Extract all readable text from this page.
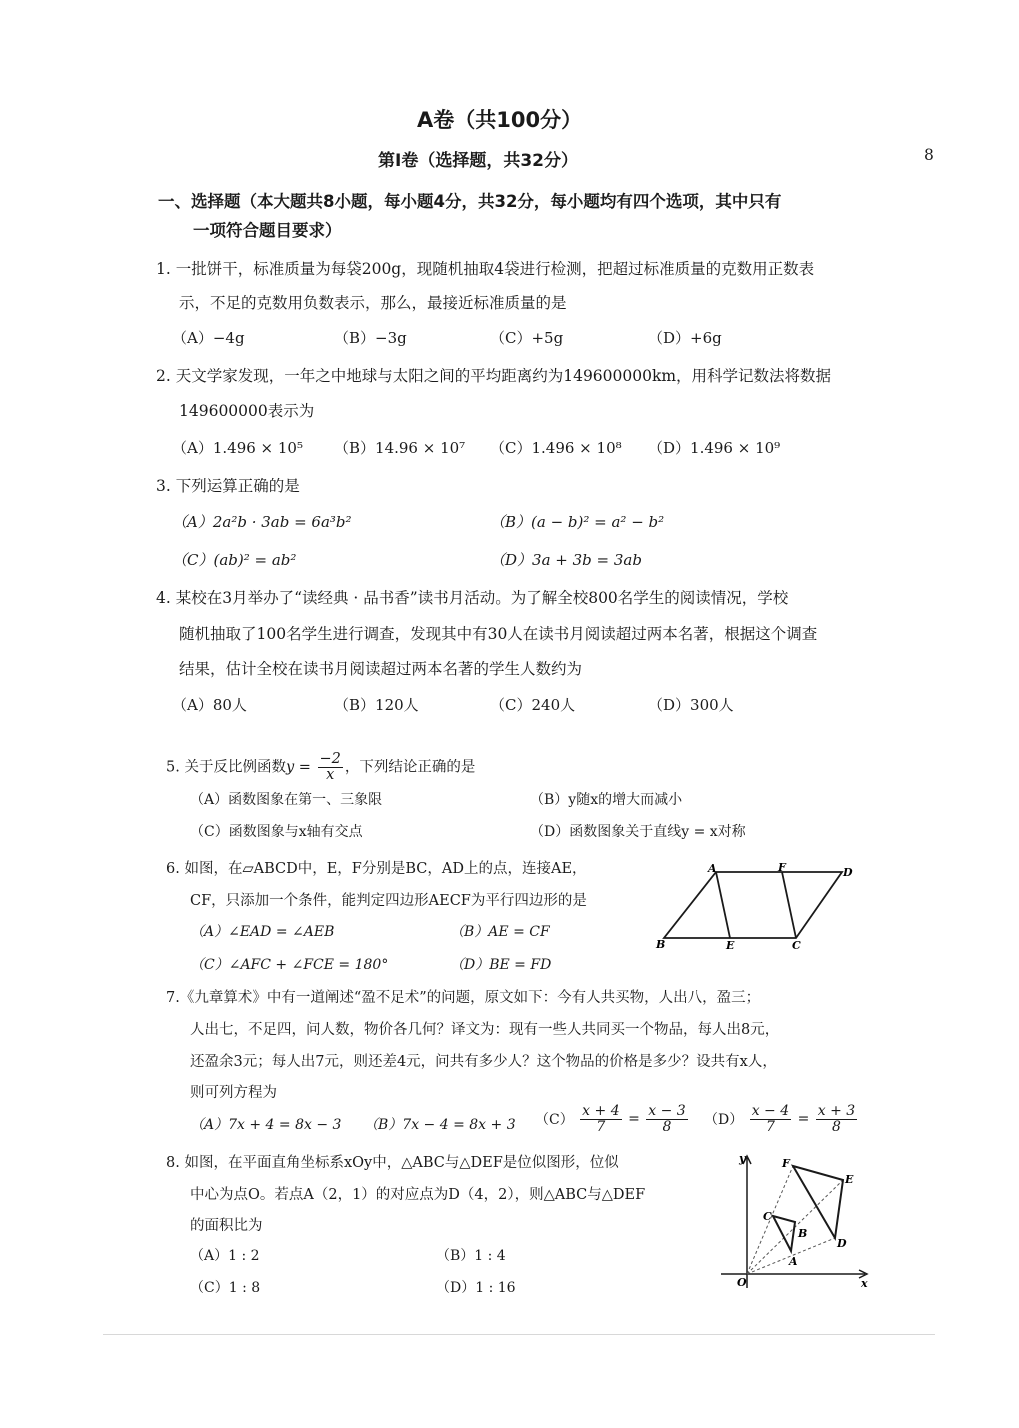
A卷（共100分）
第Ⅰ卷（选择题，共32分）	8
一、选择题（本大题共8小题，每小题4分，共32分，每小题均有四个选项，其中只有
一项符合题目要求）
1. 一批饼干，标准质量为每袋200g，现随机抽取4袋进行检测，把超过标准质量的克数用正数表
示，不足的克数用负数表示，那么，最接近标准质量的是
（A）−4g	（B）−3g	（C）+5g	（D）+6g
2. 天文学家发现，一年之中地球与太阳之间的平均距离约为149600000km，用科学记数法将数据
149600000表示为
（A）1.496 × 10⁵ （B）14.96 × 10⁷ （C）1.496 × 10⁸ （D）1.496 × 10⁹
3. 下列运算正确的是
（A）2a²b · 3ab = 6a³b²	（B）(a − b)² = a² − b²
（C）(ab)² = ab²	（D）3a + 3b = 3ab
4. 某校在3月举办了“读经典 · 品书香”读书月活动。为了解全校800名学生的阅读情况，学校
随机抽取了100名学生进行调查，发现其中有30人在读书月阅读超过两本名著，根据这个调查
结果，估计全校在读书月阅读超过两本名著的学生人数约为
（A）80人	（B）120人	（C）240人	（D）300人
5. 关于反比例函数$y = \frac{-2}{x}$ ，下列结论正确的是
（A）函数图象在第一、三象限	（B）y随x的增大而减小
（C）函数图象与x轴有交点	（D）函数图象关于直线y = x对称
6. 如图，在▱ABCD中，E，F分别是BC，AD上的点，连接AE，
CF，只添加一个条件，能判定四边形AECF为平行四边形的是
（A）∠EAD = ∠AEB	（B）AE = CF
（C）∠AFC + ∠FCE = 180°	（D）BE = FD
A	F	D
B	E	C
7.《九章算术》中有一道阐述“盈不足术”的问题，原文如下：今有人共买物，人出八，盈三；
人出七，不足四，问人数，物价各几何？译文为：现有一些人共同买一个物品，每人出8元，
还盈余3元；每人出7元，则还差4元，问共有多少人？这个物品的价格是多少？设共有x人，
则可列方程为
（A）7x + 4 = 8x − 3 （B）7x − 4 = 8x + 3 $(C) \frac{x + 4}{7} = \frac{x - 3}{8} (D) \frac{x - 4}{7} = \frac{x + 3}{8}$
8. 如图，在平面直角坐标系xOy中，△ABC与△DEF是位似图形，位似
中心为点O。若点A（2，1）的对应点为D（4，2），则△ABC与△DEF
的面积比为
（A）1 : 2	（B）1 : 4
（C）1 : 8	（D）1 : 16
y	F
E
C
B
D
A
O	x
